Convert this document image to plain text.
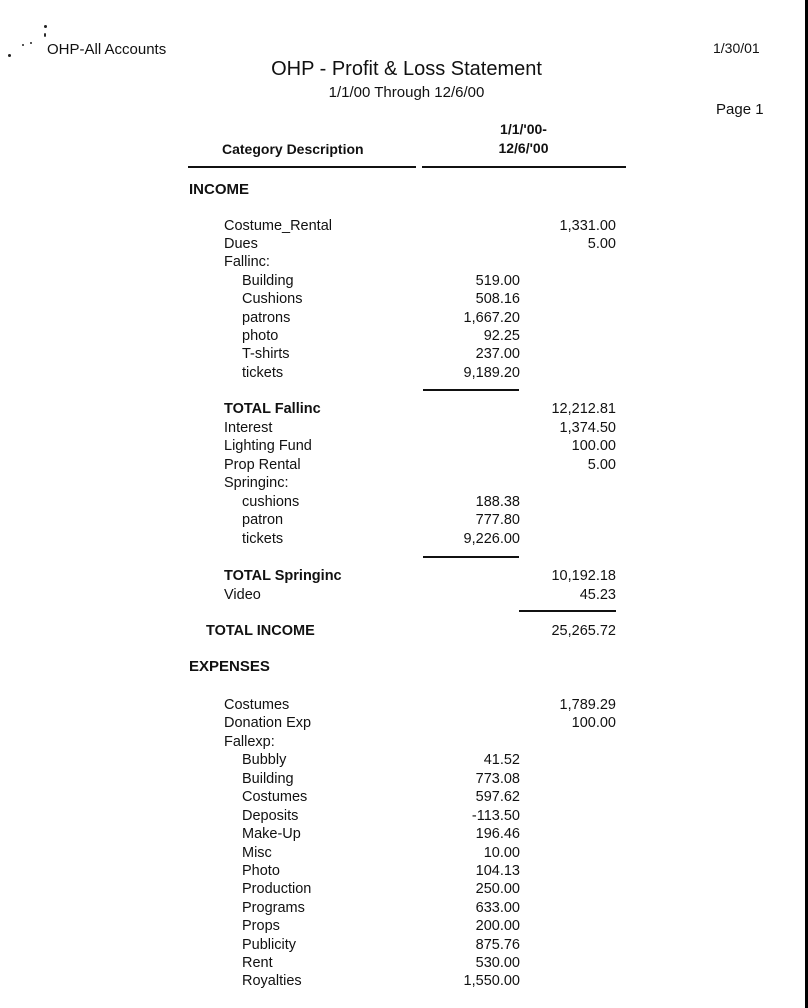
OHP-All Accounts	1/30/01
OHP - Profit & Loss Statement
1/1/00 Through 12/6/00
Page 1
Category Description
1/1/'00-
12/6/'00
INCOME
Costume_Rental	1,331.00
Dues	5.00
Fallinc:
Building	519.00
Cushions	508.16
patrons	1,667.20
photo	92.25
T-shirts	237.00
tickets	9,189.20
TOTAL Fallinc	12,212.81
Interest	1,374.50
Lighting Fund	100.00
Prop Rental	5.00
Springinc:
cushions	188.38
patron	777.80
tickets	9,226.00
TOTAL Springinc	10,192.18
Video	45.23
TOTAL INCOME	25,265.72
EXPENSES
Costumes	1,789.29
Donation Exp	100.00
Fallexp:
Bubbly	41.52
Building	773.08
Costumes	597.62
Deposits	-113.50
Make-Up	196.46
Misc	10.00
Photo	104.13
Production	250.00
Programs	633.00
Props	200.00
Publicity	875.76
Rent	530.00
Royalties	1,550.00
